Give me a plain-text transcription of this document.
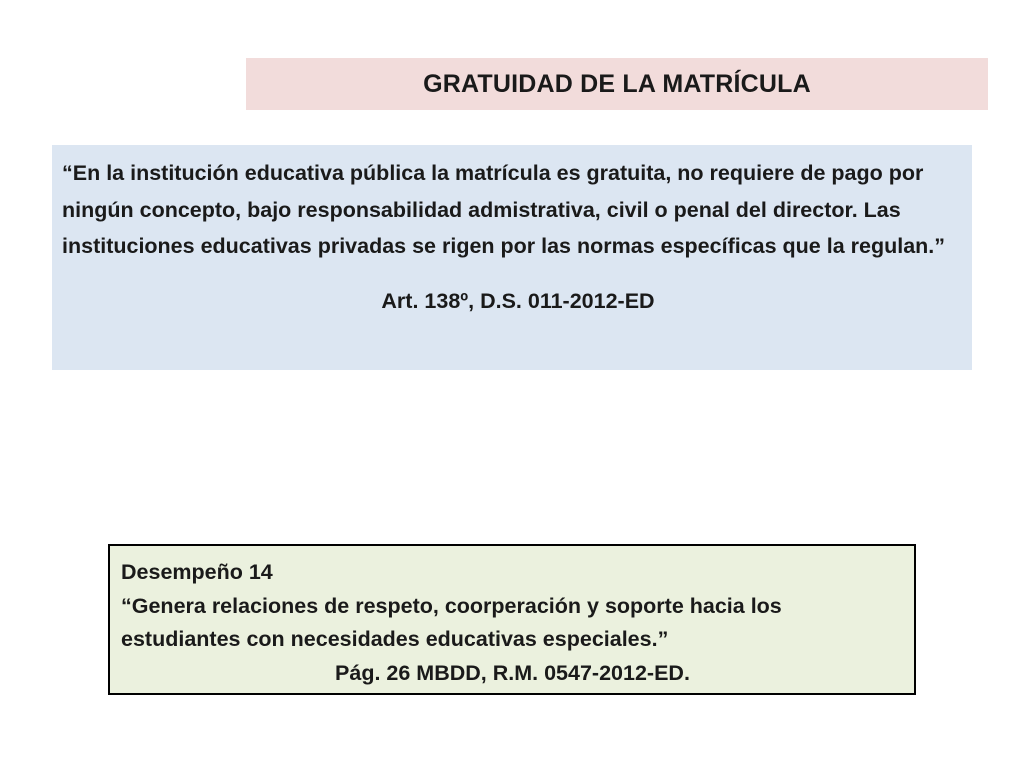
GRATUIDAD DE LA MATRÍCULA

“En la institución educativa pública la matrícula es gratuita, no requiere de pago por ningún concepto, bajo responsabilidad admistrativa, civil o penal del director. Las instituciones educativas privadas se rigen por las normas específicas que la regulan.”

Art. 138º, D.S. 011-2012-ED

Desempeño 14

“Genera relaciones de respeto, coorperación y soporte hacia los estudiantes con necesidades educativas especiales.”

Pág. 26 MBDD, R.M. 0547-2012-ED.
